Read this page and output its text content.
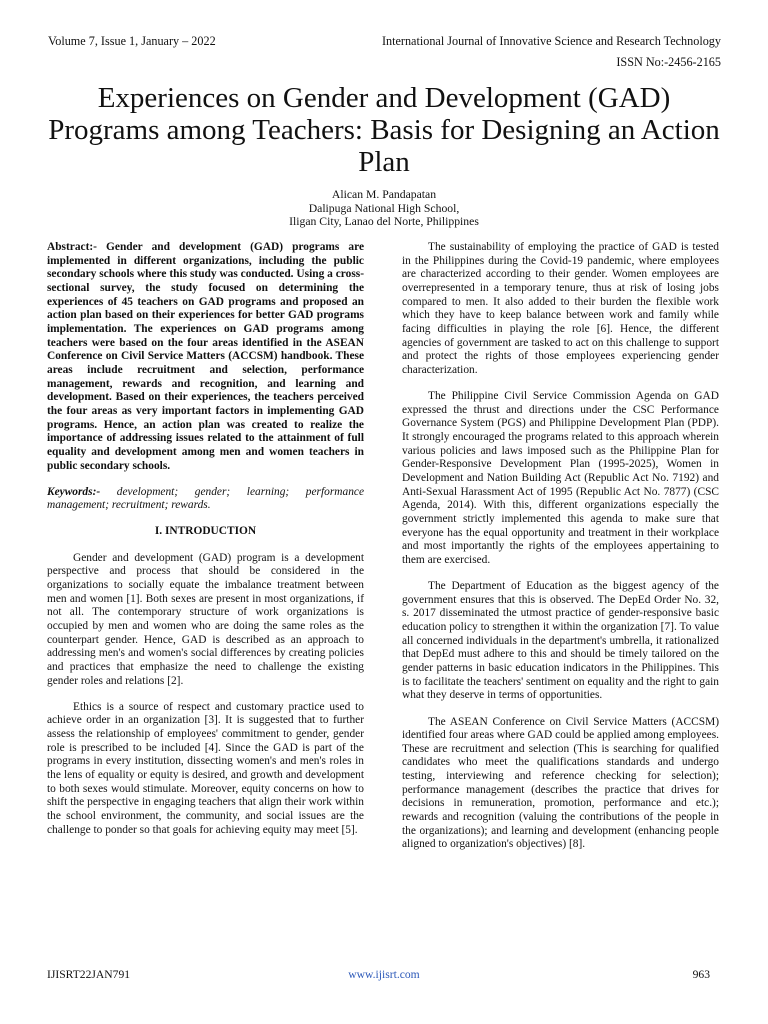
Volume 7, Issue 1, January – 2022	International Journal of Innovative Science and Research Technology
ISSN No:-2456-2165
Experiences on Gender and Development (GAD) Programs among Teachers: Basis for Designing an Action Plan
Alican M. Pandapatan
Dalipuga National High School,
Iligan City, Lanao del Norte, Philippines

Abstract:- Gender and development (GAD) programs are implemented in different organizations, including the public secondary schools where this study was conducted. Using a cross-sectional survey, the study focused on determining the experiences of 45 teachers on GAD programs and proposed an action plan based on their experiences for better GAD programs implementation. The experiences on GAD programs among teachers were based on the four areas identified in the ASEAN Conference on Civil Service Matters (ACCSM) handbook. These areas include recruitment and selection, performance management, rewards and recognition, and learning and development. Based on their experiences, the teachers perceived the four areas as very important factors in implementing GAD programs. Hence, an action plan was created to realize the importance of addressing issues related to the attainment of full equality and development among men and women teachers in public secondary schools.

Keywords:- development; gender; learning; performance management; recruitment; rewards.

I. INTRODUCTION

Gender and development (GAD) program is a development perspective and process that should be considered in the organizations to socially equate the imbalance treatment between men and women [1]. Both sexes are present in most organizations, if not all. The contemporary structure of work organizations is occupied by men and women who are doing the same roles as the counterpart gender. Hence, GAD is described as an approach to addressing men's and women's social differences by creating policies and practices that emphasize the need to challenge the existing gender roles and relations [2].

Ethics is a source of respect and customary practice used to achieve order in an organization [3]. It is suggested that to further assess the relationship of employees' commitment to gender, gender role is prescribed to be included [4]. Since the GAD is part of the programs in every institution, dissecting women's and men's roles in the lens of equality or equity is desired, and growth and development to both sexes would stimulate. Moreover, equity concerns on how to shift the perspective in engaging teachers that align their work within the school environment, the community, and social issues are the challenge to ponder so that goals for achieving equity may meet [5].

The sustainability of employing the practice of GAD is tested in the Philippines during the Covid-19 pandemic, where employees are characterized according to their gender. Women employees are overrepresented in a temporary tenure, thus at risk of losing jobs compared to men. It also added to their burden the flexible work which they have to keep balance between work and family while facing difficulties in playing the role [6]. Hence, the different agencies of government are tasked to act on this challenge to support and protect the rights of those employees experiencing gender characterization.

The Philippine Civil Service Commission Agenda on GAD expressed the thrust and directions under the CSC Performance Governance System (PGS) and Philippine Development Plan (PDP). It strongly encouraged the programs related to this approach wherein various policies and laws imposed such as the Philippine Plan for Gender-Responsive Development Plan (1995-2025), Women in Development and Nation Building Act (Republic Act No. 7192) and Anti-Sexual Harassment Act of 1995 (Republic Act No. 7877) (CSC Agenda, 2014). With this, different organizations especially the government strictly implemented this agenda to make sure that everyone has the equal opportunity and treatment in their workplace and most importantly the rights of the employees appertaining to them are exercised.

The Department of Education as the biggest agency of the government ensures that this is observed. The DepEd Order No. 32, s. 2017 disseminated the utmost practice of gender-responsive basic education policy to strengthen it within the organization [7]. To value all concerned individuals in the department's umbrella, it rationalized that DepEd must adhere to this and should be timely tailored on the gender patterns in basic education indicators in the Philippines. This is to facilitate the teachers' sentiment on equality and the right to gain what they deserve in terms of opportunities.

The ASEAN Conference on Civil Service Matters (ACCSM) identified four areas where GAD could be applied among employees. These are recruitment and selection (This is searching for qualified candidates who meet the qualifications standards and undergo testing, interviewing and reference checking for selection); performance management (describes the practice that drives for decisions in remuneration, promotion, performance and etc.); rewards and recognition (valuing the contributions of the people in the organizations); and learning and development (enhancing people aligned to organization's objectives) [8].

IJISRT22JAN791	www.ijisrt.com	963
